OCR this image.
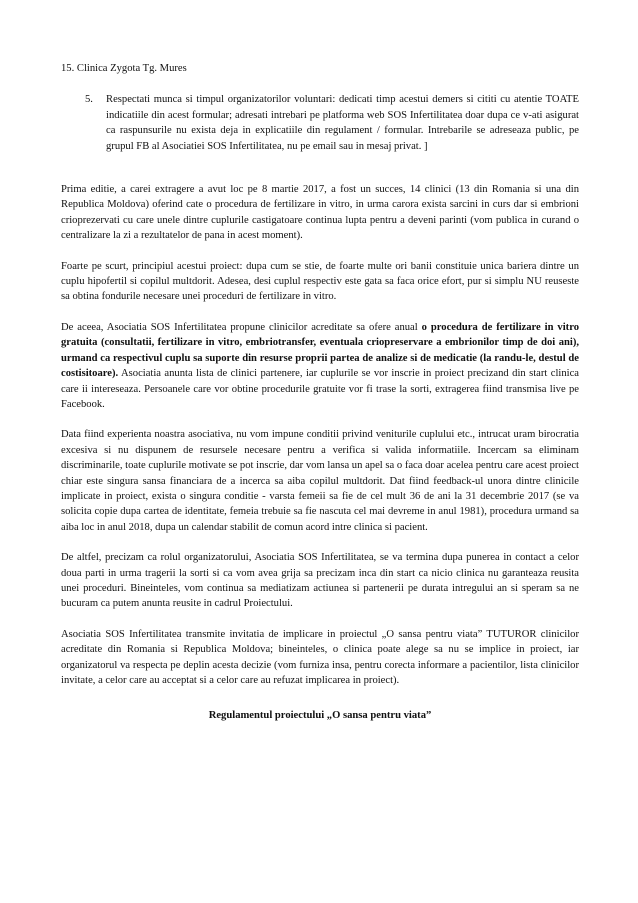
15. Clinica Zygota Tg. Mures
5.	Respectati munca si timpul organizatorilor voluntari: dedicati timp acestui demers si cititi cu atentie TOATE indicatiile din acest formular; adresati intrebari pe platforma web SOS Infertilitatea doar dupa ce v-ati asigurat ca raspunsurile nu exista deja in explicatiile din regulament / formular. Intrebarile se adreseaza public, pe grupul FB al Asociatiei SOS Infertilitatea, nu pe email sau in mesaj privat. ]

Prima editie, a carei extragere a avut loc pe 8 martie 2017, a fost un succes, 14 clinici (13 din Romania si una din Republica Moldova) oferind cate o procedura de fertilizare in vitro, in urma carora exista sarcini in curs dar si embrioni crioprezervati cu care unele dintre cuplurile castigatoare continua lupta pentru a deveni parinti (vom publica in curand o centralizare la zi a rezultatelor de pana in acest moment).

Foarte pe scurt, principiul acestui proiect: dupa cum se stie, de foarte multe ori banii constituie unica bariera dintre un cuplu hipofertil si copilul multdorit. Adesea, desi cuplul respectiv este gata sa faca orice efort, pur si simplu NU reuseste sa obtina fondurile necesare unei proceduri de fertilizare in vitro.

De aceea, Asociatia SOS Infertilitatea propune clinicilor acreditate sa ofere anual o procedura de fertilizare in vitro gratuita (consultatii, fertilizare in vitro, embriotransfer, eventuala criopreservare a embrionilor timp de doi ani), urmand ca respectivul cuplu sa suporte din resurse proprii partea de analize si de medicatie (la randu-le, destul de costisitoare). Asociatia anunta lista de clinici partenere, iar cuplurile se vor inscrie in proiect precizand din start clinica care ii intereseaza. Persoanele care vor obtine procedurile gratuite vor fi trase la sorti, extragerea fiind transmisa live pe Facebook.

Data fiind experienta noastra asociativa, nu vom impune conditii privind veniturile cuplului etc., intrucat uram birocratia excesiva si nu dispunem de resursele necesare pentru a verifica si valida informatiile. Incercam sa eliminam discriminarile, toate cuplurile motivate se pot inscrie, dar vom lansa un apel sa o faca doar acelea pentru care acest proiect chiar este singura sansa financiara de a incerca sa aiba copilul multdorit. Dat fiind feedback-ul unora dintre clinicile implicate in proiect, exista o singura conditie - varsta femeii sa fie de cel mult 36 de ani la 31 decembrie 2017 (se va solicita copie dupa cartea de identitate, femeia trebuie sa fie nascuta cel mai devreme in anul 1981), procedura urmand sa aiba loc in anul 2018, dupa un calendar stabilit de comun acord intre clinica si pacient.

De altfel, precizam ca rolul organizatorului, Asociatia SOS Infertilitatea, se va termina dupa punerea in contact a celor doua parti in urma tragerii la sorti si ca vom avea grija sa precizam inca din start ca nicio clinica nu garanteaza reusita unei proceduri. Bineinteles, vom continua sa mediatizam actiunea si partenerii pe durata intregului an si speram sa ne bucuram ca putem anunta reusite in cadrul Proiectului.

Asociatia SOS Infertilitatea transmite invitatia de implicare in proiectul „O sansa pentru viata” TUTUROR clinicilor acreditate din Romania si Republica Moldova; bineinteles, o clinica poate alege sa nu se implice in proiect, iar organizatorul va respecta pe deplin acesta decizie (vom furniza insa, pentru corecta informare a pacientilor, lista clinicilor invitate, a celor care au acceptat si a celor care au refuzat implicarea in proiect).

Regulamentul proiectului „O sansa pentru viata”
